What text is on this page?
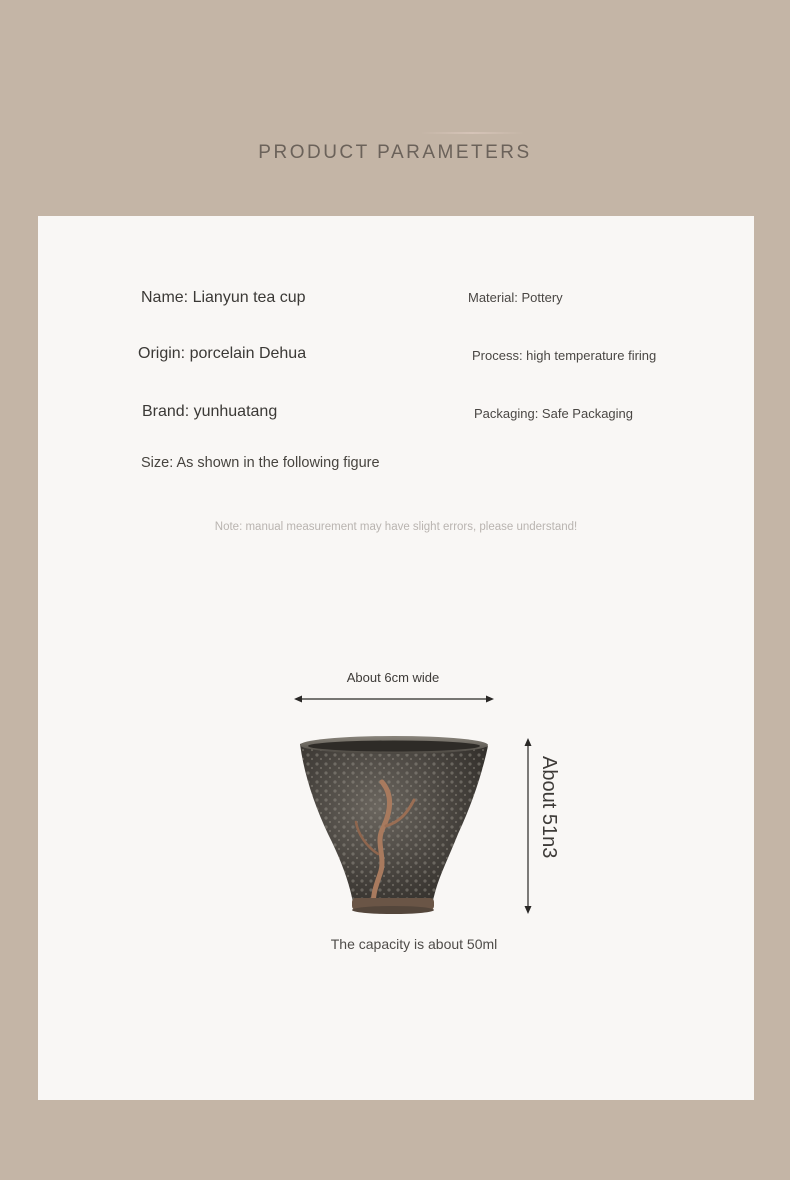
PRODUCT PARAMETERS
Name: Lianyun tea cup	Material: Pottery
Origin: porcelain Dehua	Process: high temperature firing
Brand: yunhuatang	Packaging: Safe Packaging
Size: As shown in the following figure
Note: manual measurement may have slight errors, please understand!
About 6cm wide
About 51n3
The capacity is about 50ml
